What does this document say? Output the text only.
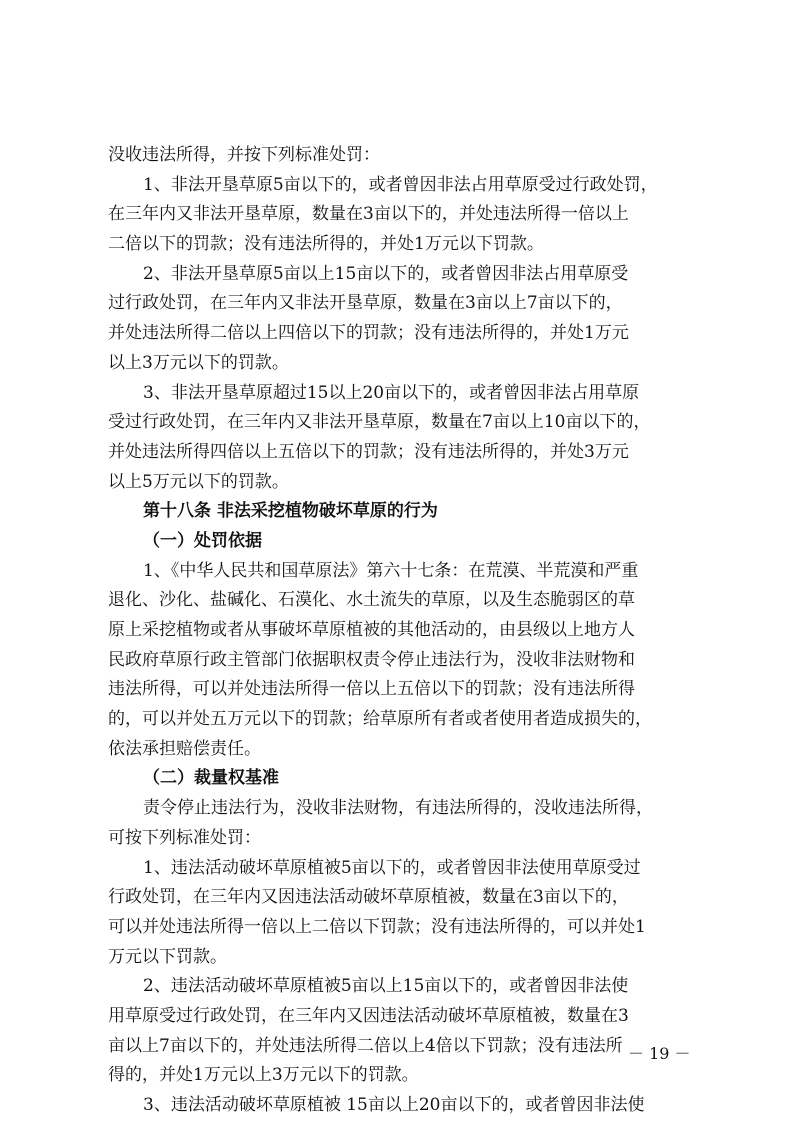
没收违法所得，并按下列标准处罚：
1、非法开垦草原5亩以下的，或者曾因非法占用草原受过行政处罚，
在三年内又非法开垦草原，数量在3亩以下的，并处违法所得一倍以上
二倍以下的罚款；没有违法所得的，并处1万元以下罚款。
2、非法开垦草原5亩以上15亩以下的，或者曾因非法占用草原受
过行政处罚，在三年内又非法开垦草原，数量在3亩以上7亩以下的，
并处违法所得二倍以上四倍以下的罚款；没有违法所得的，并处1万元
以上3万元以下的罚款。
3、非法开垦草原超过15以上20亩以下的，或者曾因非法占用草原
受过行政处罚，在三年内又非法开垦草原，数量在7亩以上10亩以下的，
并处违法所得四倍以上五倍以下的罚款；没有违法所得的，并处3万元
以上5万元以下的罚款。
第十八条 非法采挖植物破坏草原的行为
（一）处罚依据
1、《中华人民共和国草原法》第六十七条：在荒漠、半荒漠和严重
退化、沙化、盐碱化、石漠化、水土流失的草原，以及生态脆弱区的草
原上采挖植物或者从事破坏草原植被的其他活动的，由县级以上地方人
民政府草原行政主管部门依据职权责令停止违法行为，没收非法财物和
违法所得，可以并处违法所得一倍以上五倍以下的罚款；没有违法所得
的，可以并处五万元以下的罚款；给草原所有者或者使用者造成损失的，
依法承担赔偿责任。
（二）裁量权基准
责令停止违法行为，没收非法财物，有违法所得的，没收违法所得，
可按下列标准处罚：
1、违法活动破坏草原植被5亩以下的，或者曾因非法使用草原受过
行政处罚，在三年内又因违法活动破坏草原植被，数量在3亩以下的，
可以并处违法所得一倍以上二倍以下罚款；没有违法所得的，可以并处1
万元以下罚款。
2、违法活动破坏草原植被5亩以上15亩以下的，或者曾因非法使
用草原受过行政处罚，在三年内又因违法活动破坏草原植被，数量在3
亩以上7亩以下的，并处违法所得二倍以上4倍以下罚款；没有违法所
得的，并处1万元以上3万元以下的罚款。
3、违法活动破坏草原植被 15亩以上20亩以下的，或者曾因非法使
－ 19 －
